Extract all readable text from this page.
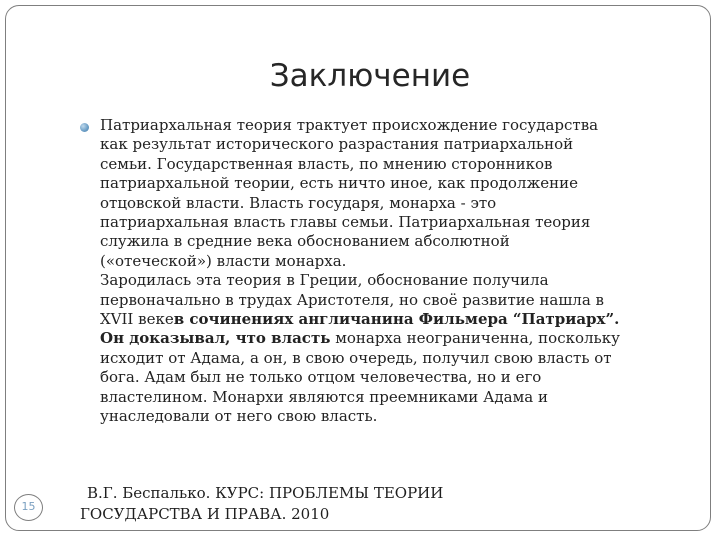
Заключение
Патриархальная теория трактует происхождение государства
как результат исторического разрастания патриархальной
семьи. Государственная власть, по мнению сторонников
патриархальной теории, есть ничто иное, как продолжение
отцовской власти. Власть государя, монарха - это
патриархальная власть главы семьи. Патриархальная теория
служила в средние века обоснованием абсолютной
(«отеческой») власти монарха.
Зародилась эта теория в Греции, обоснование получила
первоначально в трудах Аристотеля, но своё развитие нашла в
XVII векев сочинениях англичанина Фильмера “Патриарх”.
Он доказывал, что власть монарха неограниченна, поскольку
исходит от Адама, а он, в свою очередь, получил свою власть от
бога. Адам был не только отцом человечества, но и его
властелином. Монархи являются преемниками Адама и
унаследовали от него свою власть.
В.Г. Беспалько. КУРС: ПРОБЛЕМЫ ТЕОРИИ
ГОСУДАРСТВА И ПРАВА. 2010
15
